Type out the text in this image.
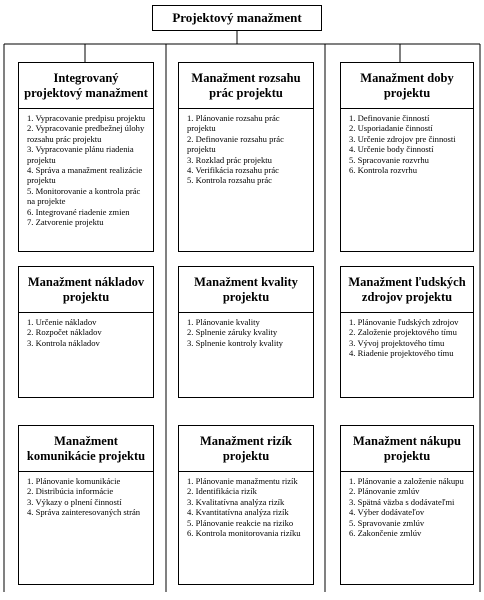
Projektový manažment
Integrovaný projektový manažment
1. Vypracovanie predpisu projektu
2. Vypracovanie predbežnej úlohy rozsahu prác projektu
3. Vypracovanie plánu riadenia projektu
4. Správa a manažment realizácie projektu
5. Monitorovanie a kontrola prác na projekte
6. Integrované riadenie zmien
7. Zatvorenie projektu
Manažment rozsahu prác projektu
1. Plánovanie rozsahu prác projektu
2. Definovanie rozsahu prác projektu
3. Rozklad prác projektu
4. Verifikácia rozsahu prác
5. Kontrola rozsahu prác
Manažment doby projektu
1. Definovanie činností
2. Usporiadanie činností
3. Určenie zdrojov pre činnosti
4. Určenie body činností
5. Spracovanie rozvrhu
6. Kontrola rozvrhu
Manažment nákladov projektu
1. Určenie nákladov
2. Rozpočet nákladov
3. Kontrola nákladov
Manažment kvality projektu
1. Plánovanie kvality
2. Splnenie záruky kvality
3. Splnenie kontroly kvality
Manažment ľudských zdrojov projektu
1. Plánovanie ľudských zdrojov
2. Založenie projektového tímu
3. Vývoj projektového tímu
4. Riadenie projektového tímu
Manažment komunikácie projektu
1. Plánovanie komunikácie
2. Distribúcia informácie
3. Výkazy o plnení činností
4. Správa zainteresovaných strán
Manažment rizík projektu
1. Plánovanie manažmentu rizík
2. Identifikácia rizík
3. Kvalitatívna analýza rizík
4. Kvantitatívna analýza rizík
5. Plánovanie reakcie na riziko
6. Kontrola monitorovania rizíku
Manažment nákupu projektu
1. Plánovanie a založenie nákupu
2. Plánovanie zmlúv
3. Spätná väzba s dodávateľmi
4. Výber dodávateľov
5. Spravovanie zmlúv
6. Zakončenie zmlúv
